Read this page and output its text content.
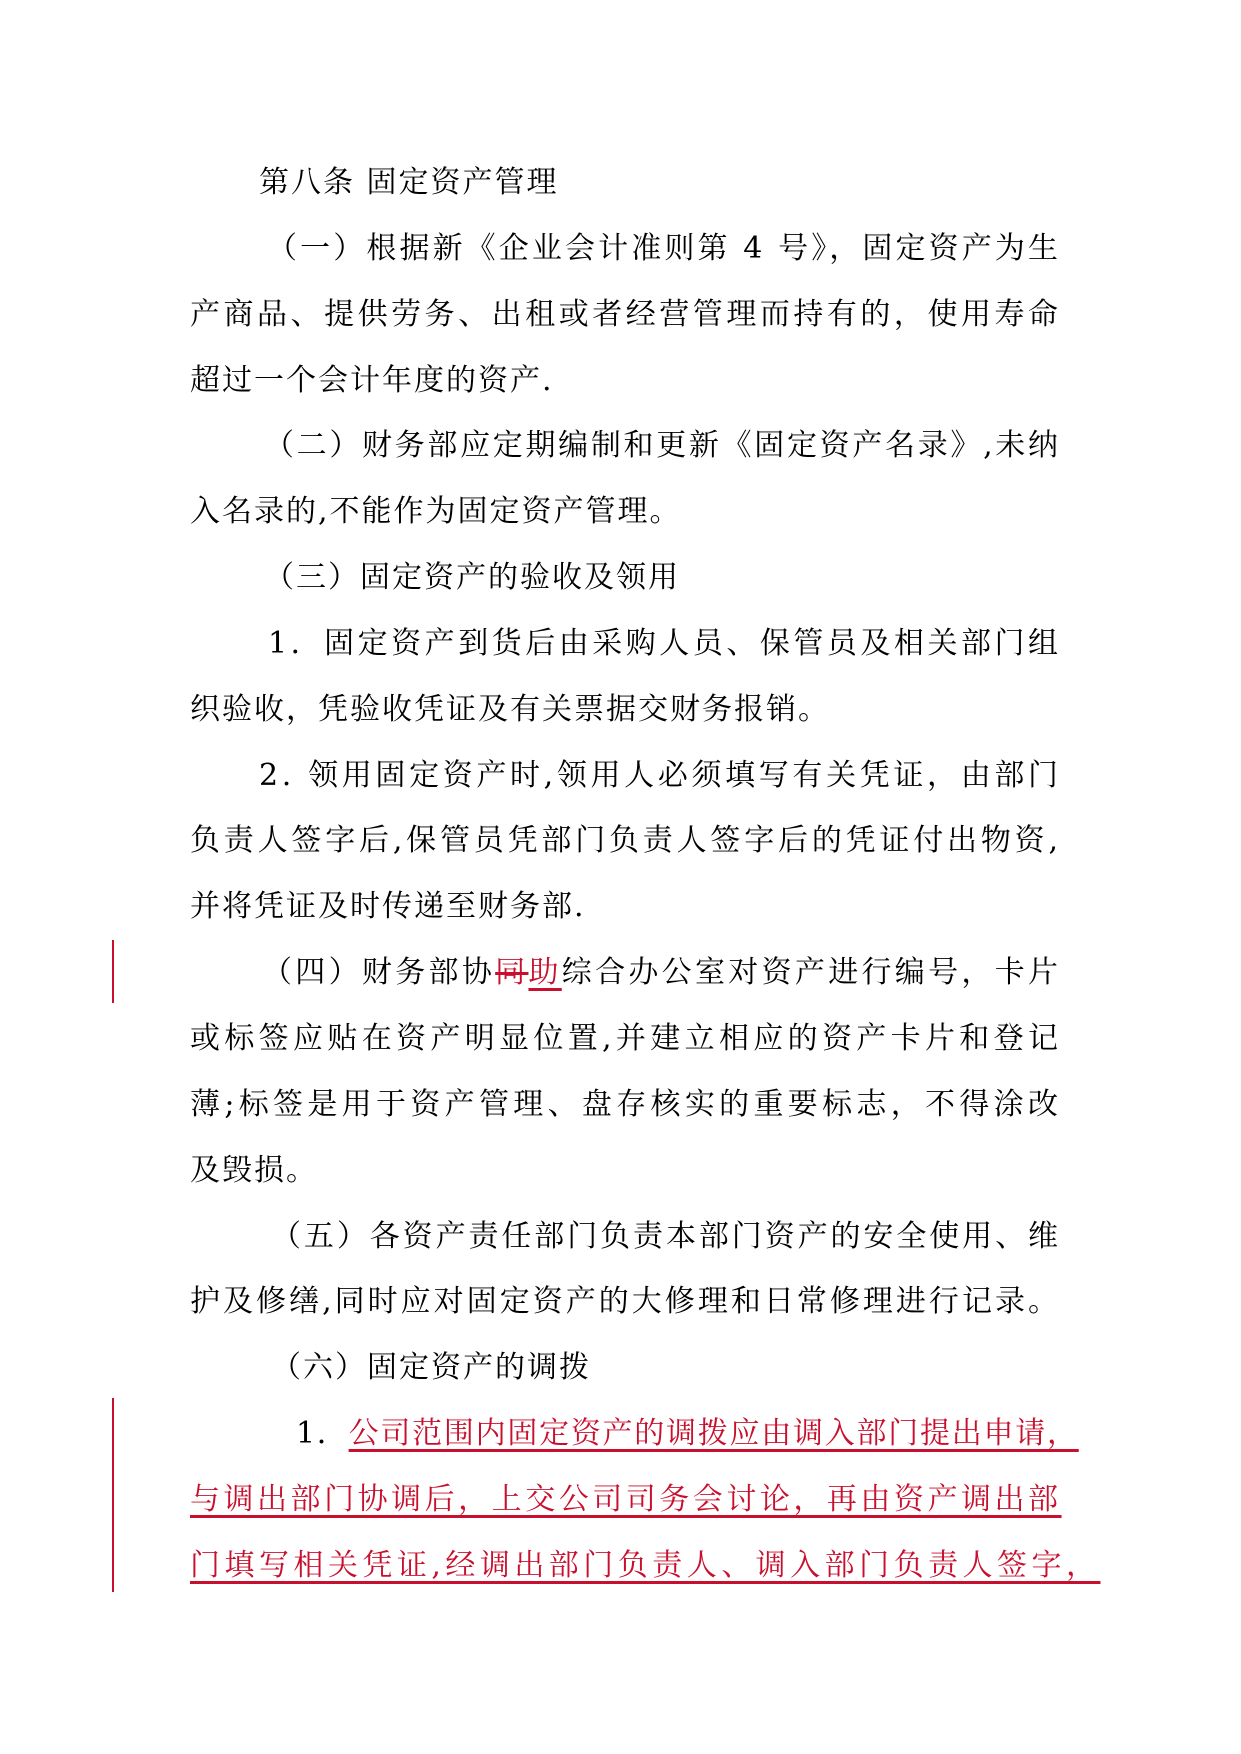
第八条 固定资产管理
（一）根据新《企业会计准则第 4 号》，固定资产为生
产商品、提供劳务、出租或者经营管理而持有的，使用寿命
超过一个会计年度的资产.
（二）财务部应定期编制和更新《固定资产名录》,未纳
入名录的,不能作为固定资产管理。
（三）固定资产的验收及领用
1．固定资产到货后由采购人员、保管员及相关部门组
织验收，凭验收凭证及有关票据交财务报销。
2. 领用固定资产时,领用人必须填写有关凭证，由部门
负责人签字后,保管员凭部门负责人签字后的凭证付出物资,
并将凭证及时传递至财务部.
（四）财务部协同助综合办公室对资产进行编号，卡片
或标签应贴在资产明显位置,并建立相应的资产卡片和登记
薄;标签是用于资产管理、盘存核实的重要标志，不得涂改
及毁损。
（五）各资产责任部门负责本部门资产的安全使用、维
护及修缮,同时应对固定资产的大修理和日常修理进行记录。
（六）固定资产的调拨
1．公司范围内固定资产的调拨应由调入部门提出申请，
与调出部门协调后，上交公司司务会讨论，再由资产调出部
门填写相关凭证,经调出部门负责人、调入部门负责人签字，
